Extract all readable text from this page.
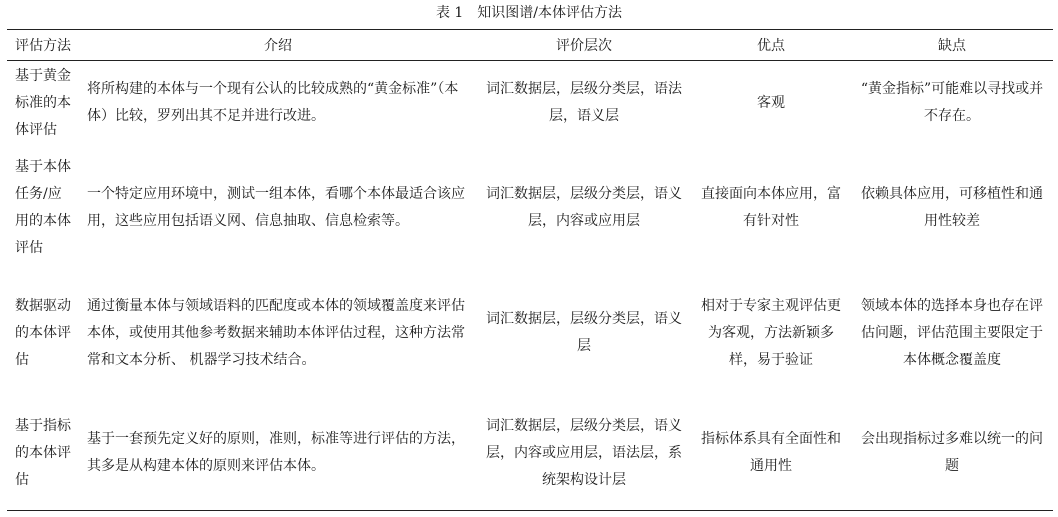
表 1　知识图谱/本体评估方法
评估方法	介绍	评价层次	优点	缺点
基于黄金标准的本体评估	将所构建的本体与一个现有公认的比较成熟的“黄金标准”（本体）比较，罗列出其不足并进行改进。	词汇数据层，层级分类层，语法层，语义层	客观	“黄金指标”可能难以寻找或并不存在。
基于本体任务/应用的本体评估	一个特定应用环境中，测试一组本体，看哪个本体最适合该应用，这些应用包括语义网、信息抽取、信息检索等。	词汇数据层，层级分类层，语义层，内容或应用层	直接面向本体应用，富有针对性	依赖具体应用，可移植性和通用性较差
数据驱动的本体评估	通过衡量本体与领域语料的匹配度或本体的领域覆盖度来评估本体，或使用其他参考数据来辅助本体评估过程，这种方法常常和文本分析、 机器学习技术结合。	词汇数据层，层级分类层，语义层	相对于专家主观评估更为客观，方法新颖多样，易于验证	领域本体的选择本身也存在评估问题，评估范围主要限定于本体概念覆盖度
基于指标的本体评估	基于一套预先定义好的原则，准则，标准等进行评估的方法，其多是从构建本体的原则来评估本体。	词汇数据层，层级分类层，语义层，内容或应用层，语法层，系统架构设计层	指标体系具有全面性和通用性	会出现指标过多难以统一的问题
